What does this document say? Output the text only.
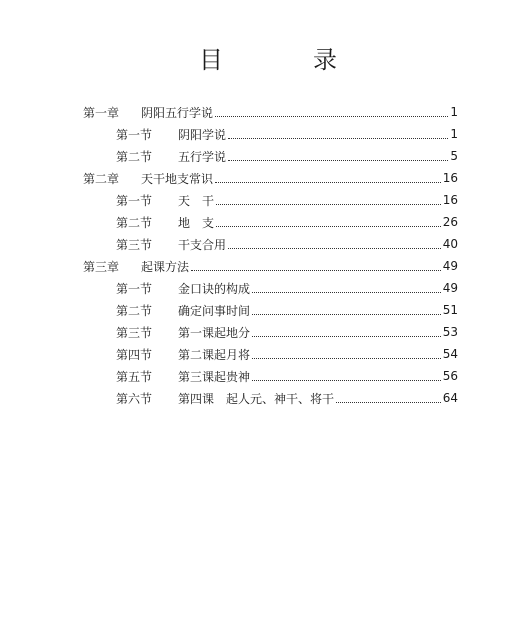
目	录
第一章	阴阳五行学说	1
第一节	阴阳学说	1
第二节	五行学说	5
第二章	天干地支常识	16
第一节	天　干	16
第二节	地　支	26
第三节	干支合用	40
第三章	起课方法	49
第一节	金口诀的构成	49
第二节	确定问事时间	51
第三节	第一课起地分	53
第四节	第二课起月将	54
第五节	第三课起贵神	56
第六节	第四课　起人元、神干、将干	64
